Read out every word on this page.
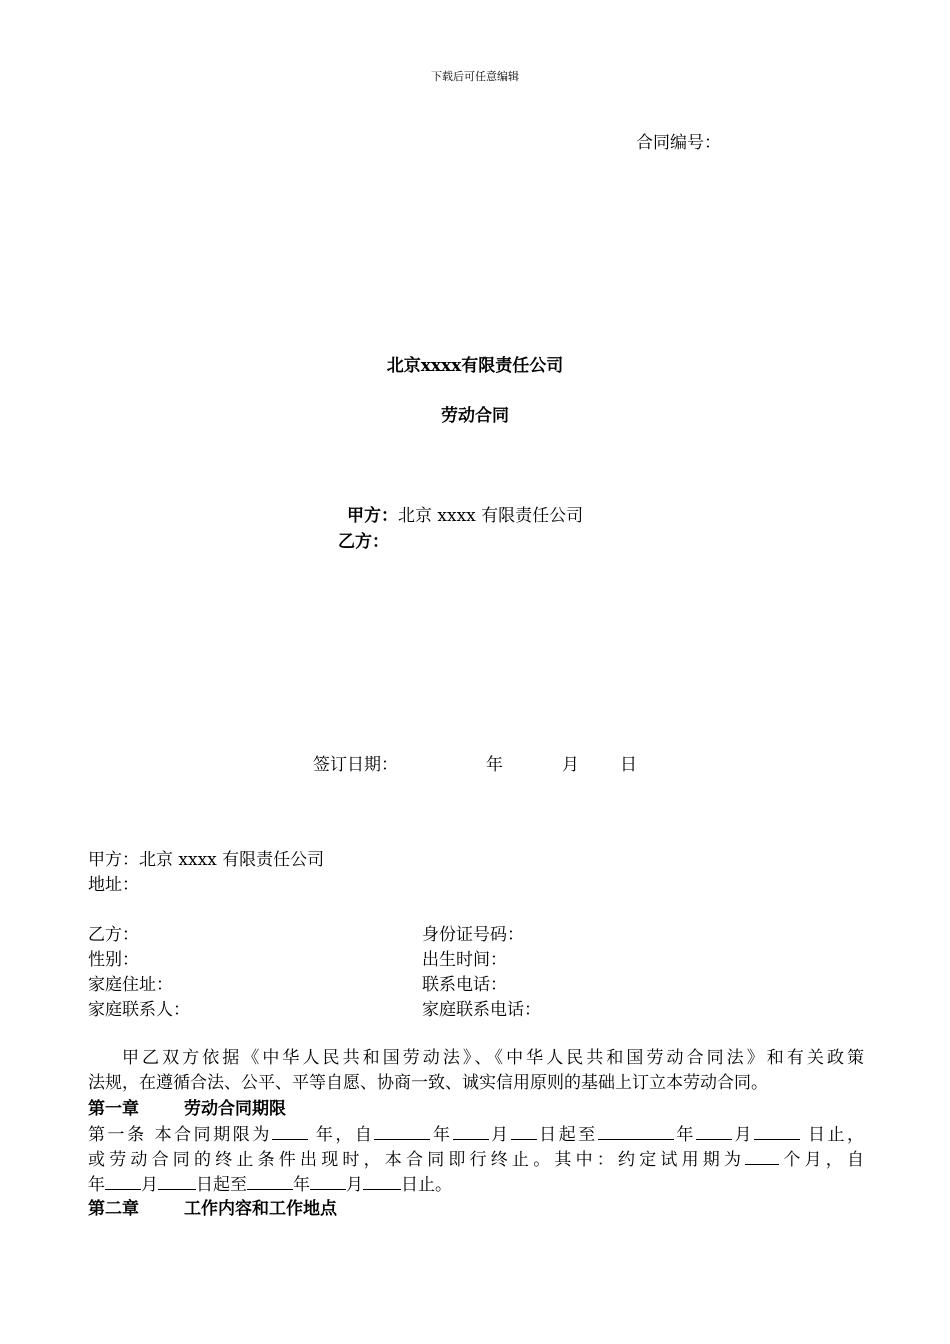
下载后可任意编辑
合同编号：
北京xxxx有限责任公司
劳动合同
甲方：北京 xxxx 有限责任公司
乙方：
签订日期：	年	月 日
甲方：北京 xxxx 有限责任公司
地址：
乙方：	身份证号码：
性别：	出生时间：
家庭住址：	联系电话：
家庭联系人：	家庭联系电话：
甲乙双方依据《中华人民共和国劳动法》、《中华人民共和国劳动合同法》和有关政策
法规，在遵循合法、公平、平等自愿、协商一致、诚实信用原则的基础上订立本劳动合同。
第一章	劳动合同期限
第一条 本合同期限为	年，自	年 月 日起至	年 月	日止，
或劳动合同的终止条件出现时，本合同即行终止。其中：约定试用期为 个月，自
年 月 日起至	年 月 日止。
第二章	工作内容和工作地点
